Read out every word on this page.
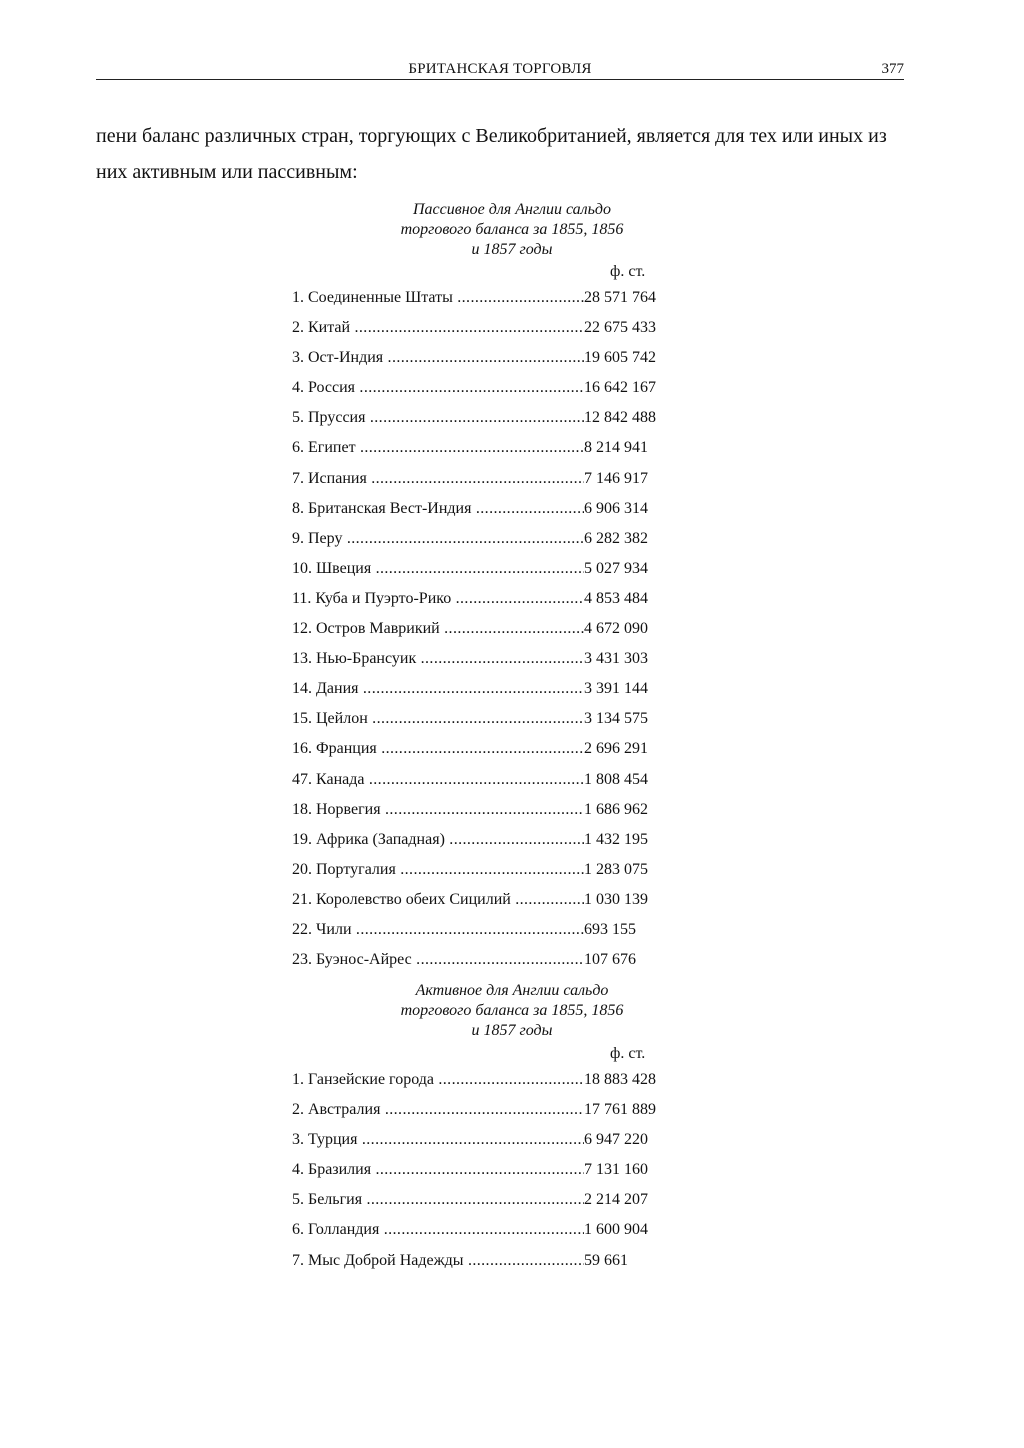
БРИТАНСКАЯ ТОРГОВЛЯ	377

пени баланс различных стран, торгующих с Великобританией, является для тех или иных из
них активным или пассивным:

Пассивное для Англии сальдо
торгового баланса за 1855, 1856
и 1857 годы
ф. ст.
1. Соединенные Штаты .....	28 571 764
2. Китай .....	22 675 433
3. Ост-Индия .....	19 605 742
4. Россия .....	16 642 167
5. Пруссия .....	12 842 488
6. Египет .....	8 214 941
7. Испания .....	7 146 917
8. Британская Вест-Индия .....	6 906 314
9. Перу .....	6 282 382
10. Швеция .....	5 027 934
11. Куба и Пуэрто-Рико .....	4 853 484
12. Остров Маврикий .....	4 672 090
13. Нью-Брансуик .....	3 431 303
14. Дания .....	3 391 144
15. Цейлон .....	3 134 575
16. Франция .....	2 696 291
47. Канада .....	1 808 454
18. Норвегия .....	1 686 962
19. Африка (Западная) .....	1 432 195
20. Португалия .....	1 283 075
21. Королевство обеих Сицилий .....	1 030 139
22. Чили .....	693 155
23. Буэнос-Айрес .....	107 676
Активное для Англии сальдо
торгового баланса за 1855, 1856
и 1857 годы
ф. ст.
1. Ганзейские города .....	18 883 428
2. Австралия .....	17 761 889
3. Турция .....	6 947 220
4. Бразилия .....	7 131 160
5. Бельгия .....	2 214 207
6. Голландия .....	1 600 904
7. Мыс Доброй Надежды .....	59 661
